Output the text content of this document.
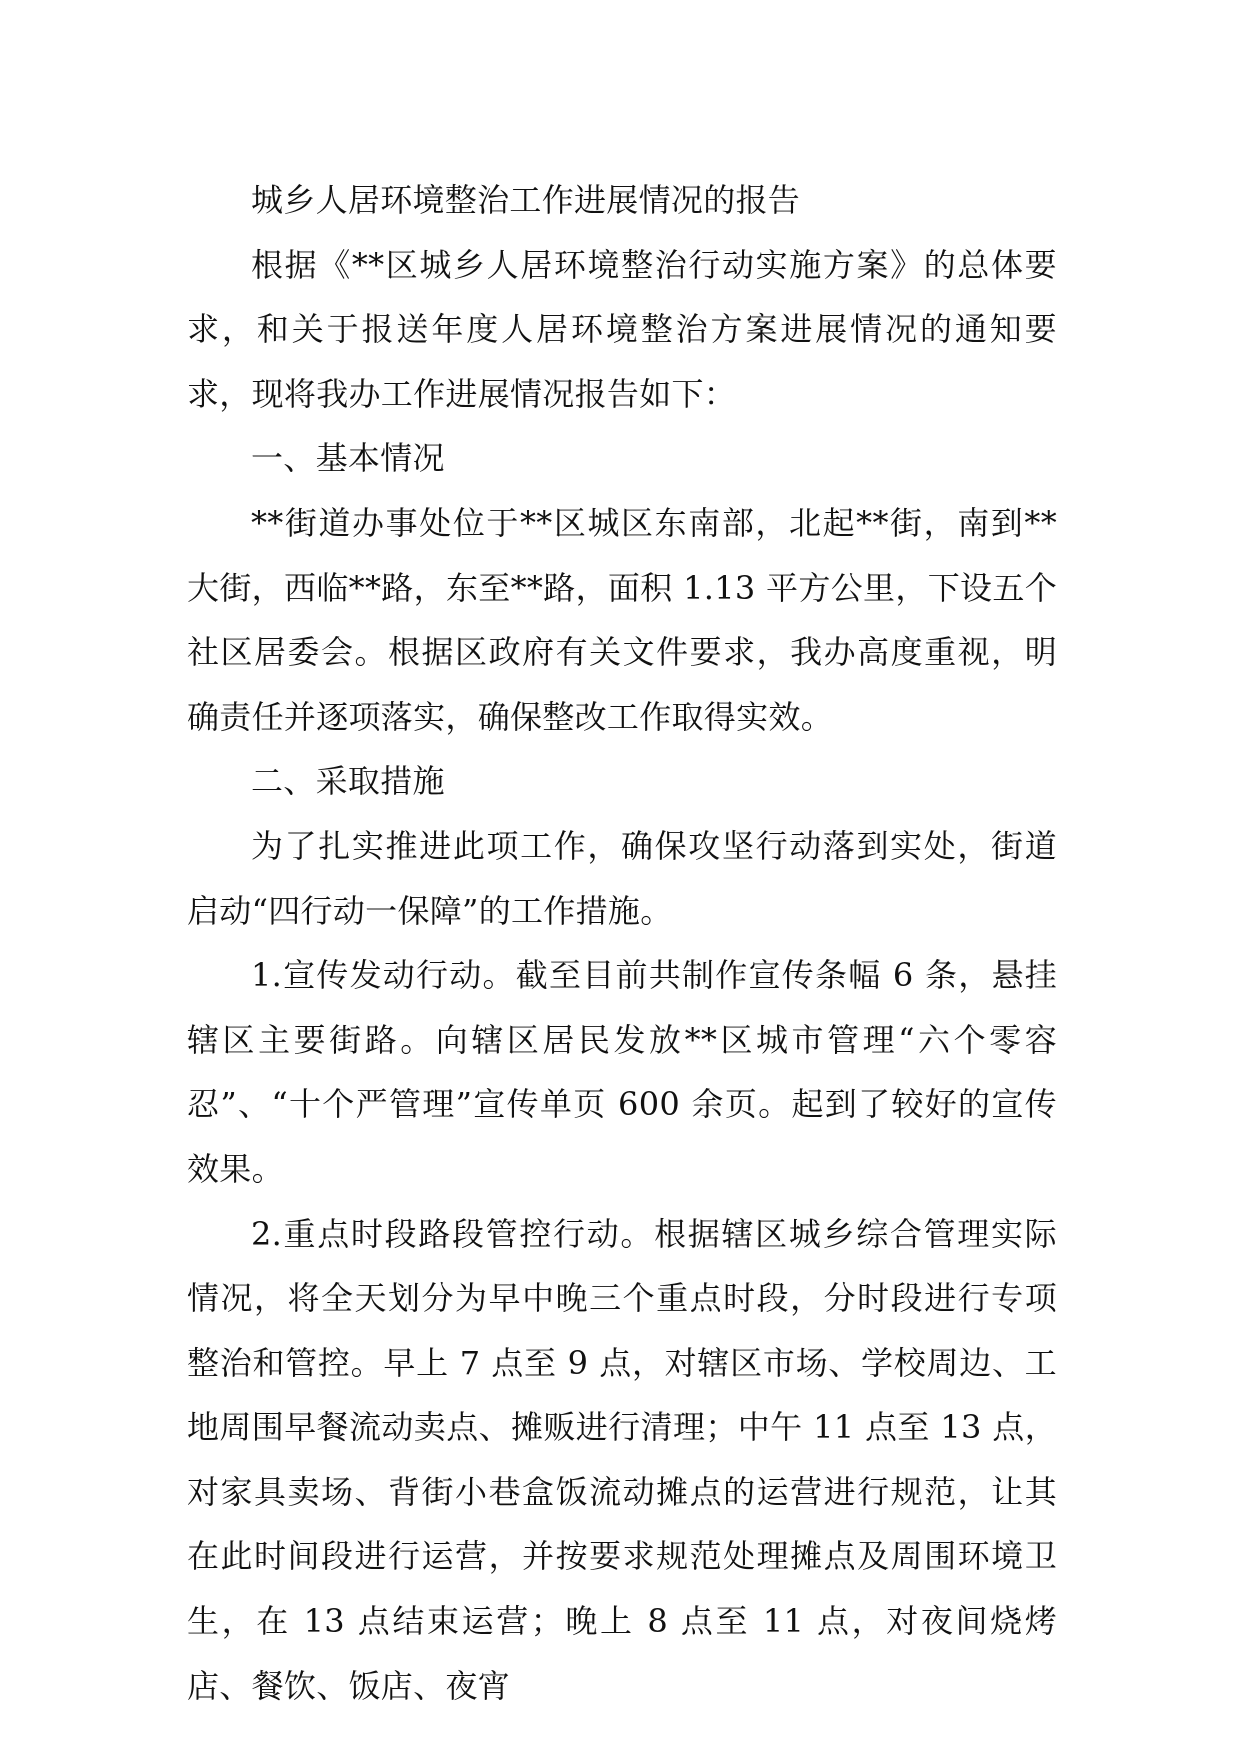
城乡人居环境整治工作进展情况的报告

根据《**区城乡人居环境整治行动实施方案》的总体要求，和关于报送年度人居环境整治方案进展情况的通知要求，现将我办工作进展情况报告如下：

一、基本情况

**街道办事处位于**区城区东南部，北起**街，南到**大街，西临**路，东至**路，面积 1.13 平方公里，下设五个社区居委会。根据区政府有关文件要求，我办高度重视，明确责任并逐项落实，确保整改工作取得实效。

二、采取措施

为了扎实推进此项工作，确保攻坚行动落到实处，街道启动“四行动一保障”的工作措施。

1.宣传发动行动。截至目前共制作宣传条幅 6 条，悬挂辖区主要街路。向辖区居民发放**区城市管理“六个零容忍”、“十个严管理”宣传单页 600 余页。起到了较好的宣传效果。

2.重点时段路段管控行动。根据辖区城乡综合管理实际情况，将全天划分为早中晚三个重点时段，分时段进行专项整治和管控。早上 7 点至 9 点，对辖区市场、学校周边、工地周围早餐流动卖点、摊贩进行清理；中午 11 点至 13 点，对家具卖场、背街小巷盒饭流动摊点的运营进行规范，让其在此时间段进行运营，并按要求规范处理摊点及周围环境卫生，在 13 点结束运营；晚上 8 点至 11 点，对夜间烧烤店、餐饮、饭店、夜宵
